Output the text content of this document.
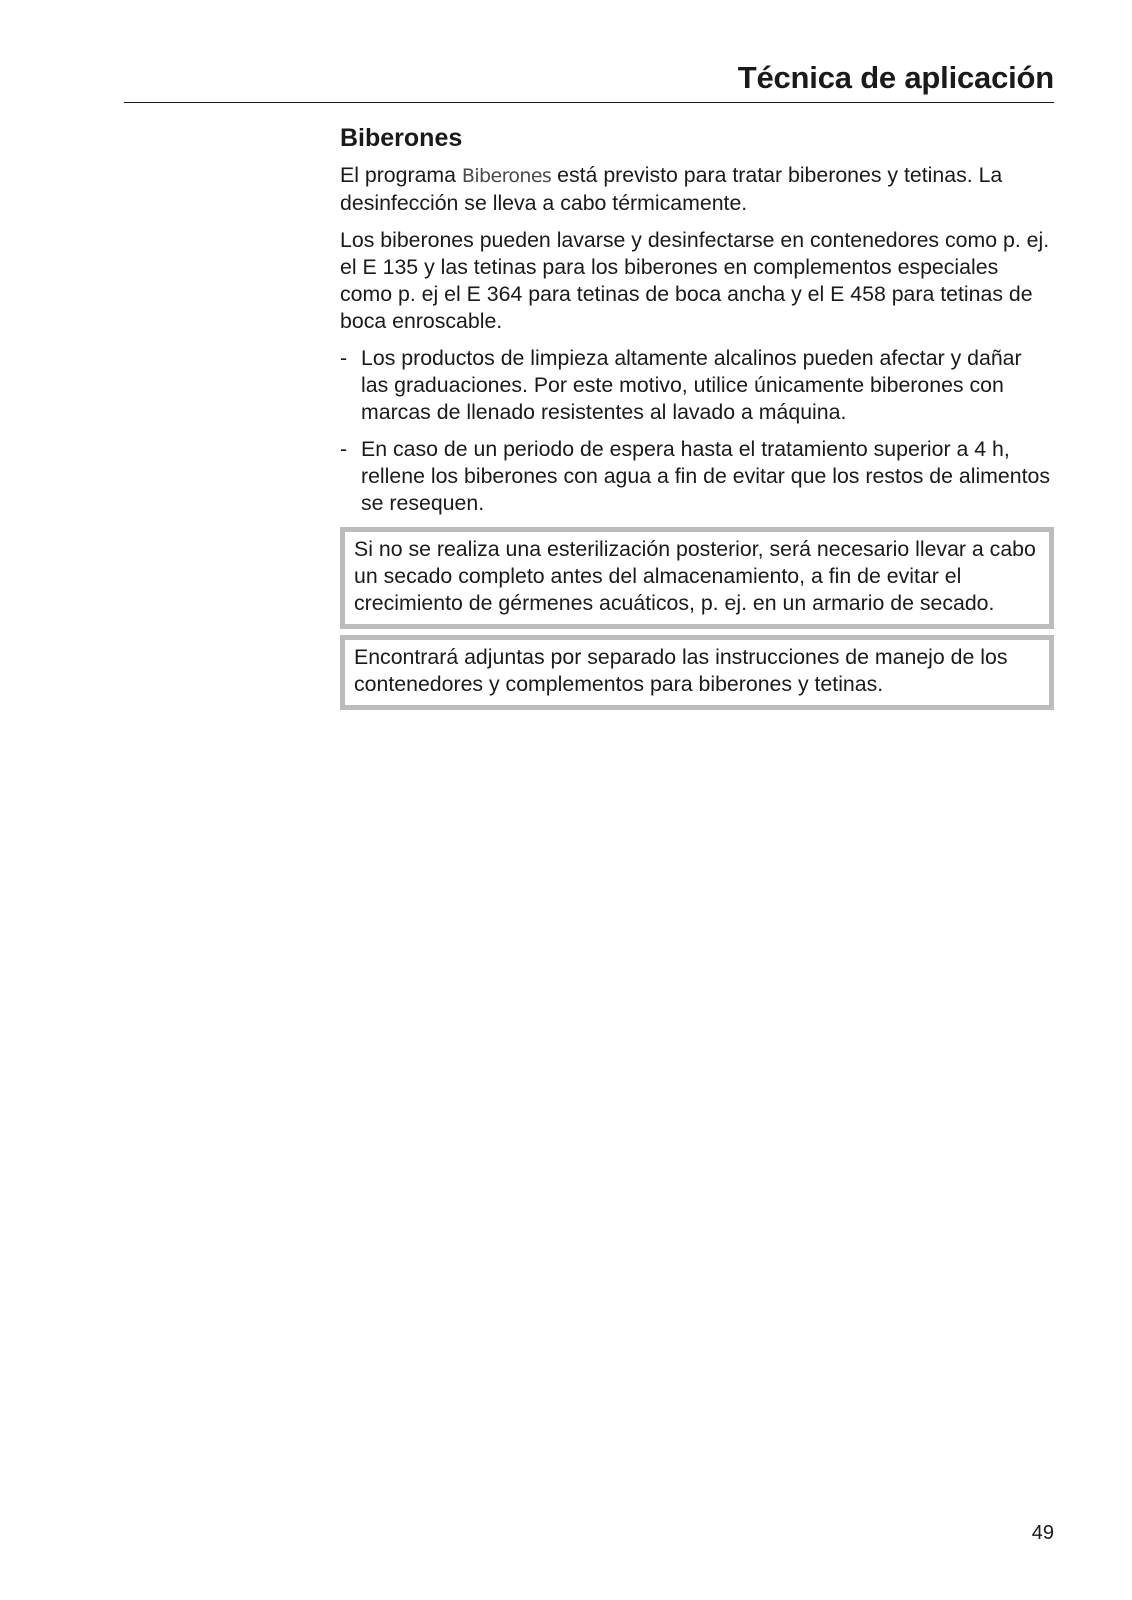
Técnica de aplicación
Biberones

El programa Biberones está previsto para tratar biberones y tetinas. La desinfección se lleva a cabo térmicamente.

Los biberones pueden lavarse y desinfectarse en contenedores como p. ej. el E 135 y las tetinas para los biberones en complementos especiales como p. ej el E 364 para tetinas de boca ancha y el E 458 para tetinas de boca enroscable.

- Los productos de limpieza altamente alcalinos pueden afectar y dañar las graduaciones. Por este motivo, utilice únicamente biberones con marcas de llenado resistentes al lavado a máquina.
- En caso de un periodo de espera hasta el tratamiento superior a 4 h, rellene los biberones con agua a fin de evitar que los restos de alimentos se resequen.
Si no se realiza una esterilización posterior, será necesario llevar a cabo un secado completo antes del almacenamiento, a fin de evitar el crecimiento de gérmenes acuáticos, p. ej. en un armario de secado.
Encontrará adjuntas por separado las instrucciones de manejo de los contenedores y complementos para biberones y tetinas.
49
